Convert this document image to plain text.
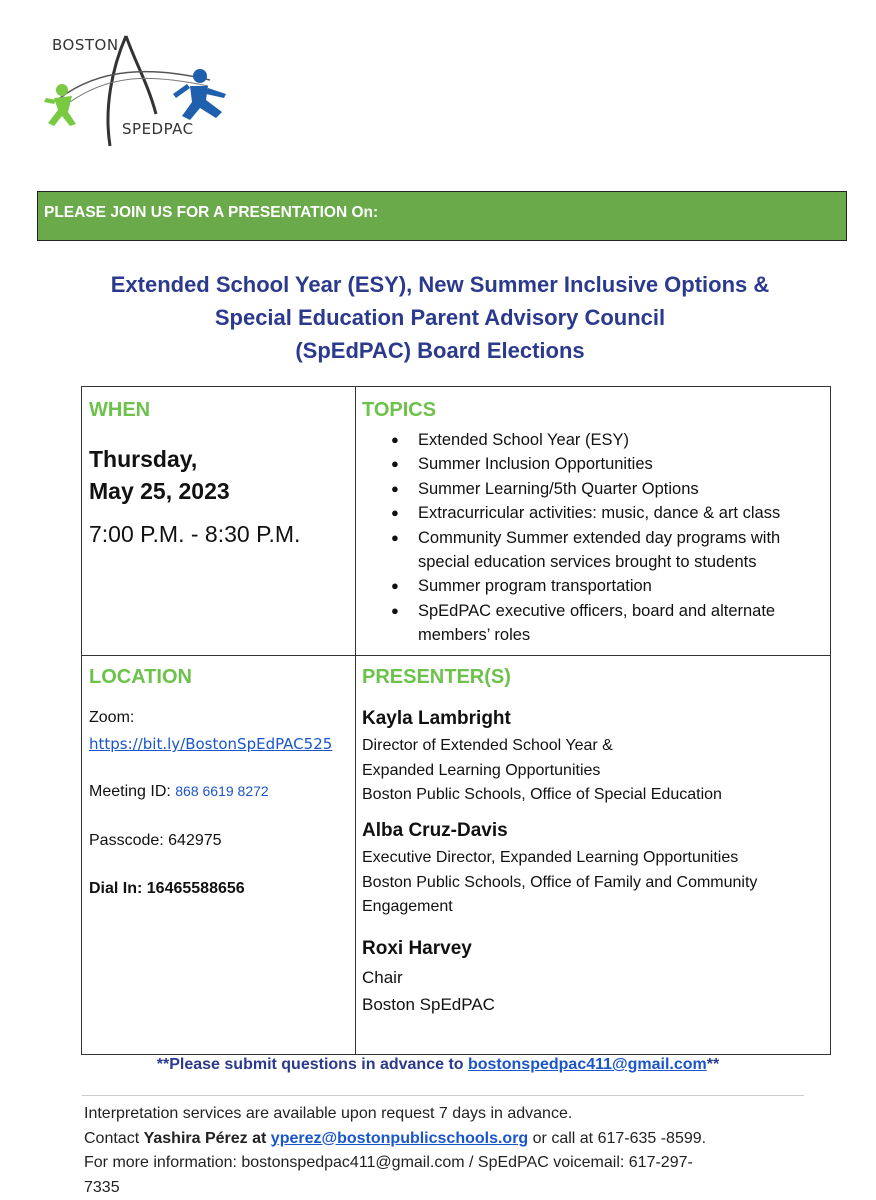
BOSTON
SPEDPAC
PLEASE JOIN US FOR A PRESENTATION On:
Extended School Year (ESY), New Summer Inclusive Options &
Special Education Parent Advisory Council
(SpEdPAC) Board Elections
WHEN
Thursday,
May 25, 2023
7:00 P.M. - 8:30 P.M.
TOPICS
● Extended School Year (ESY)
● Summer Inclusion Opportunities
● Summer Learning/5th Quarter Options
● Extracurricular activities: music, dance & art class
● Community Summer extended day programs with special education services brought to students
● Summer program transportation
● SpEdPAC executive officers, board and alternate members’ roles
LOCATION
Zoom:
https://bit.ly/BostonSpEdPAC525
Meeting ID: 868 6619 8272
Passcode: 642975
Dial In: 16465588656
PRESENTER(S)
Kayla Lambright
Director of Extended School Year &
Expanded Learning Opportunities
Boston Public Schools, Office of Special Education
Alba Cruz-Davis
Executive Director, Expanded Learning Opportunities
Boston Public Schools, Office of Family and Community
Engagement
Roxi Harvey
Chair
Boston SpEdPAC
**Please submit questions in advance to bostonspedpac411@gmail.com**
Interpretation services are available upon request 7 days in advance.
Contact Yashira Pérez at yperez@bostonpublicschools.org or call at 617-635 -8599.
For more information: bostonspedpac411@gmail.com / SpEdPAC voicemail: 617-297-
7335
